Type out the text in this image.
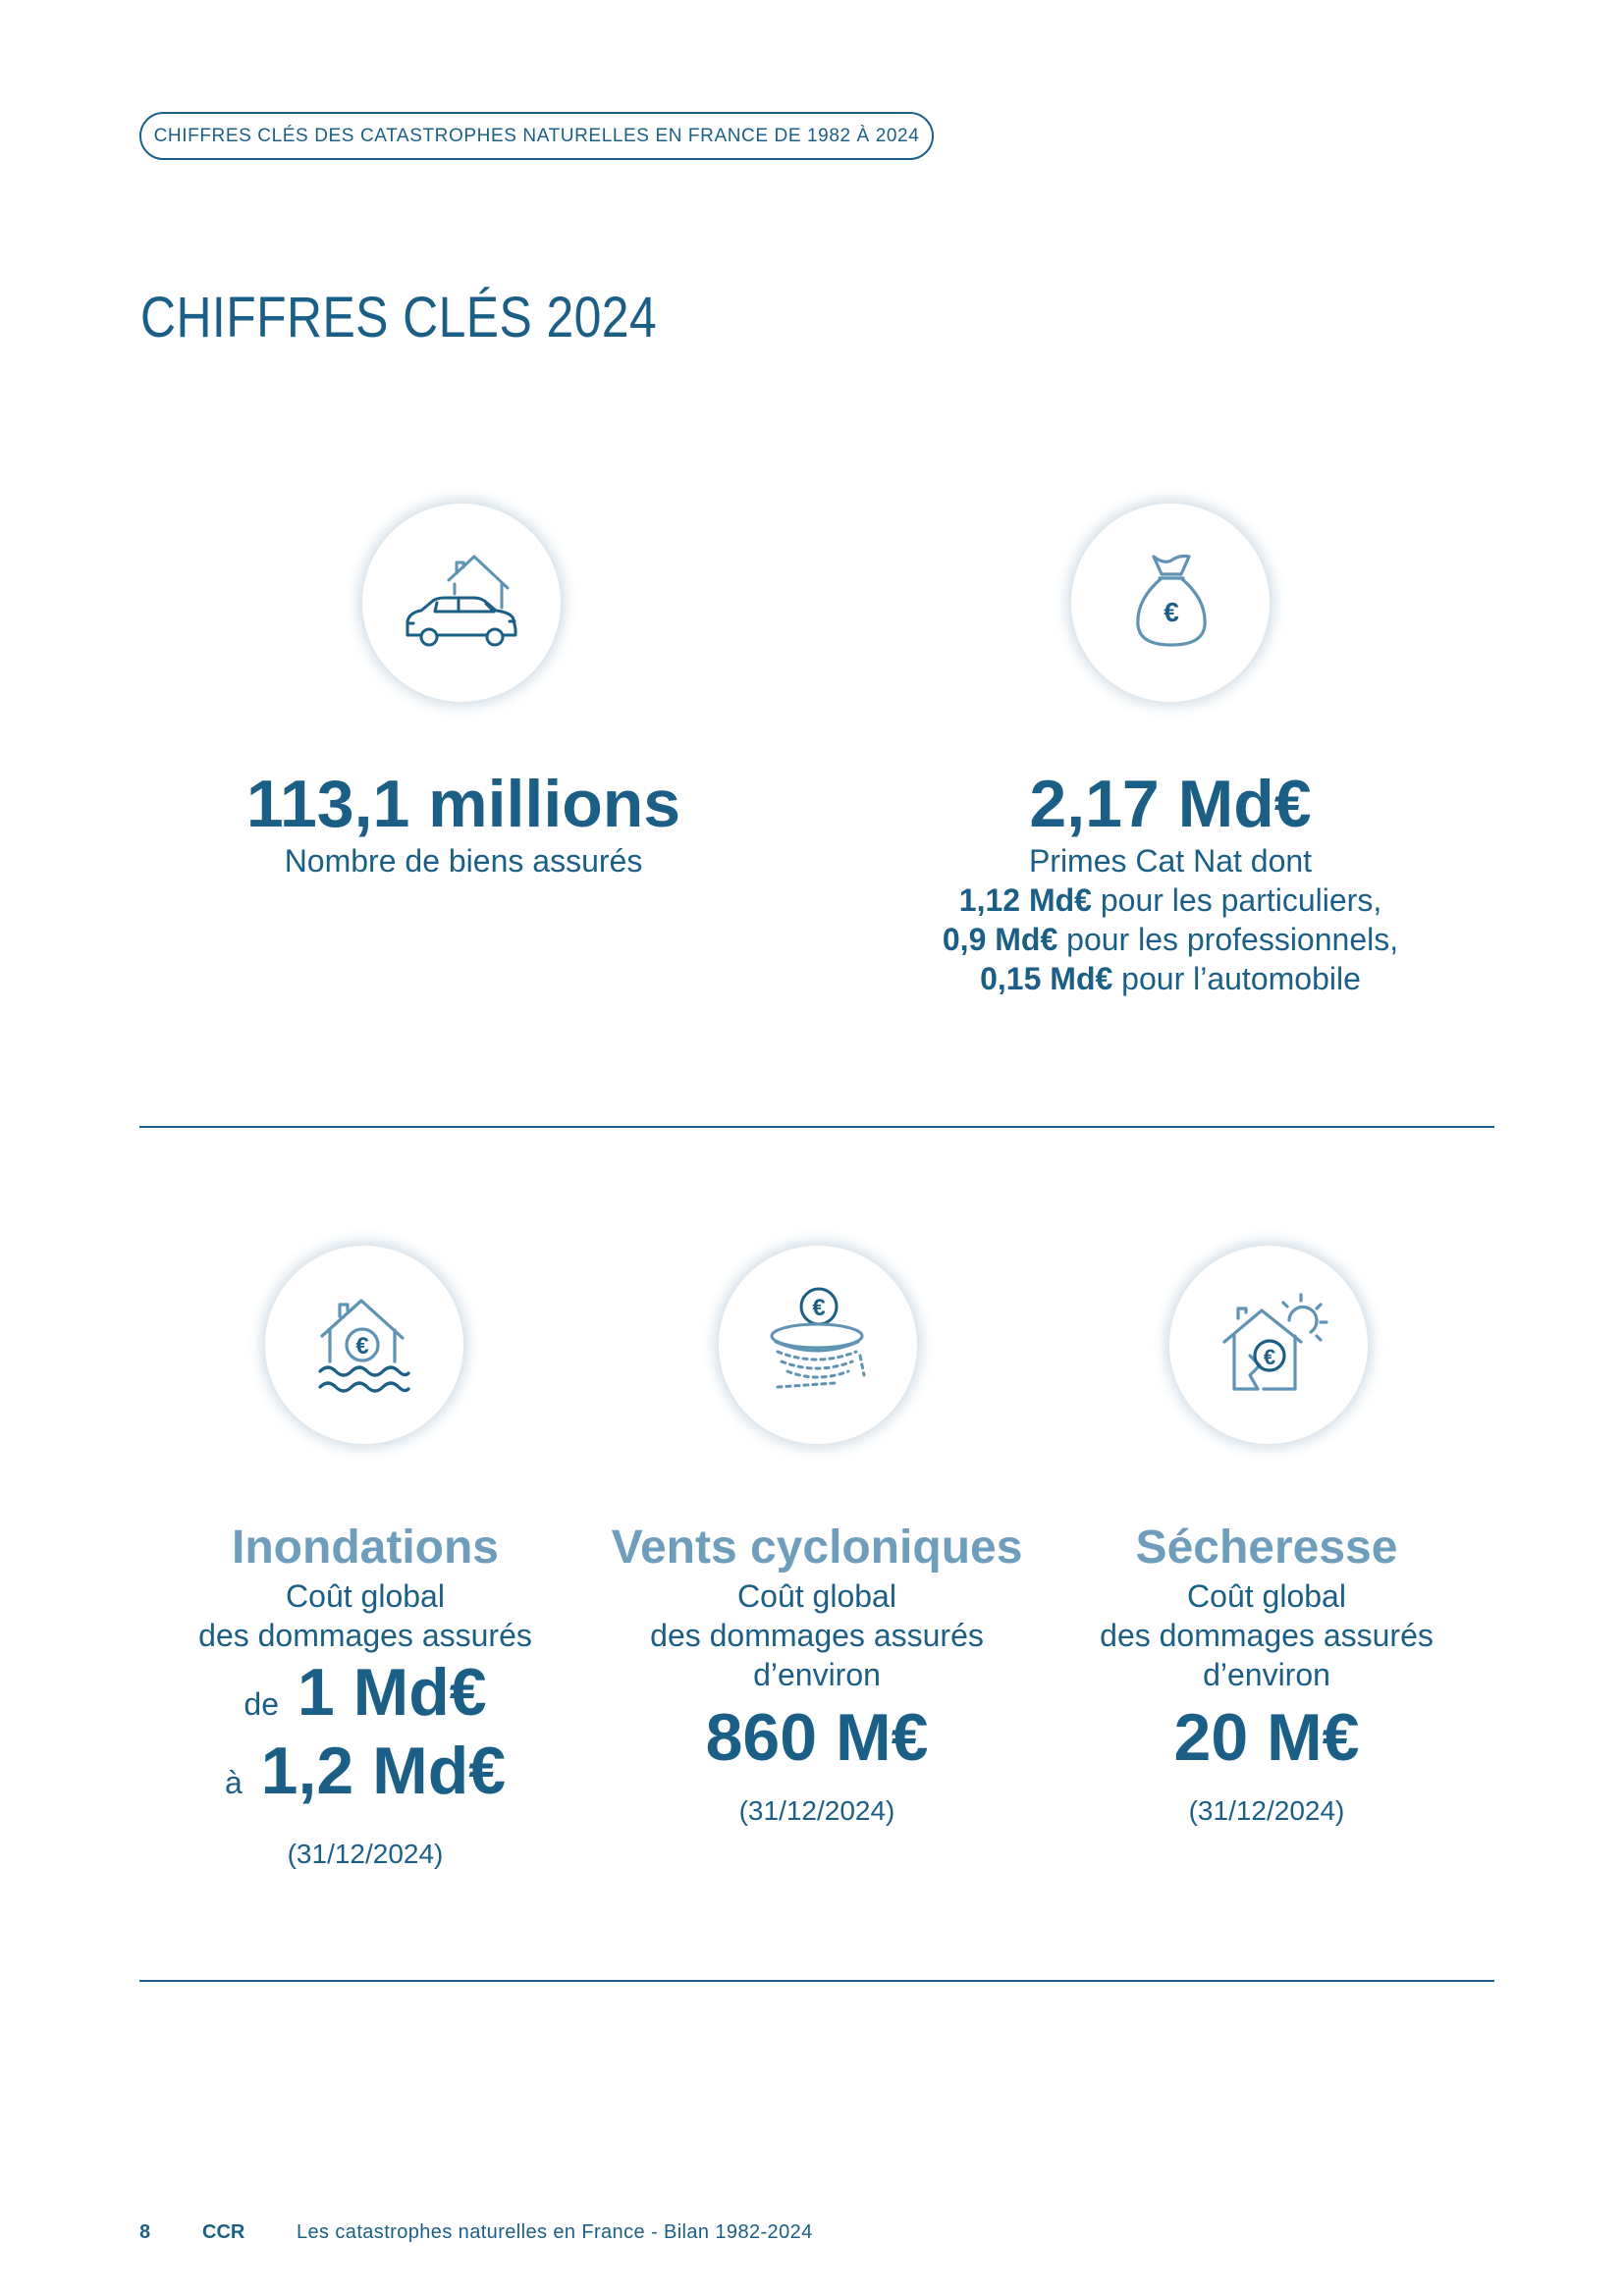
CHIFFRES CLÉS DES CATASTROPHES NATURELLES EN FRANCE DE 1982 À 2024
CHIFFRES CLÉS 2024
€
113,1 millions
Nombre de biens assurés
2,17 Md€
Primes Cat Nat dont
1,12 Md€ pour les particuliers,
0,9 Md€ pour les professionnels,
0,15 Md€ pour l’automobile
€
€
€
Inondations
Coût global
des dommages assurés
de 1 Md€
à 1,2 Md€
(31/12/2024)
Vents cycloniques
Coût global
des dommages assurés
d’environ
860 M€
(31/12/2024)
Sécheresse
Coût global
des dommages assurés
d’environ
20 M€
(31/12/2024)
8	CCR	Les catastrophes naturelles en France - Bilan 1982-2024
